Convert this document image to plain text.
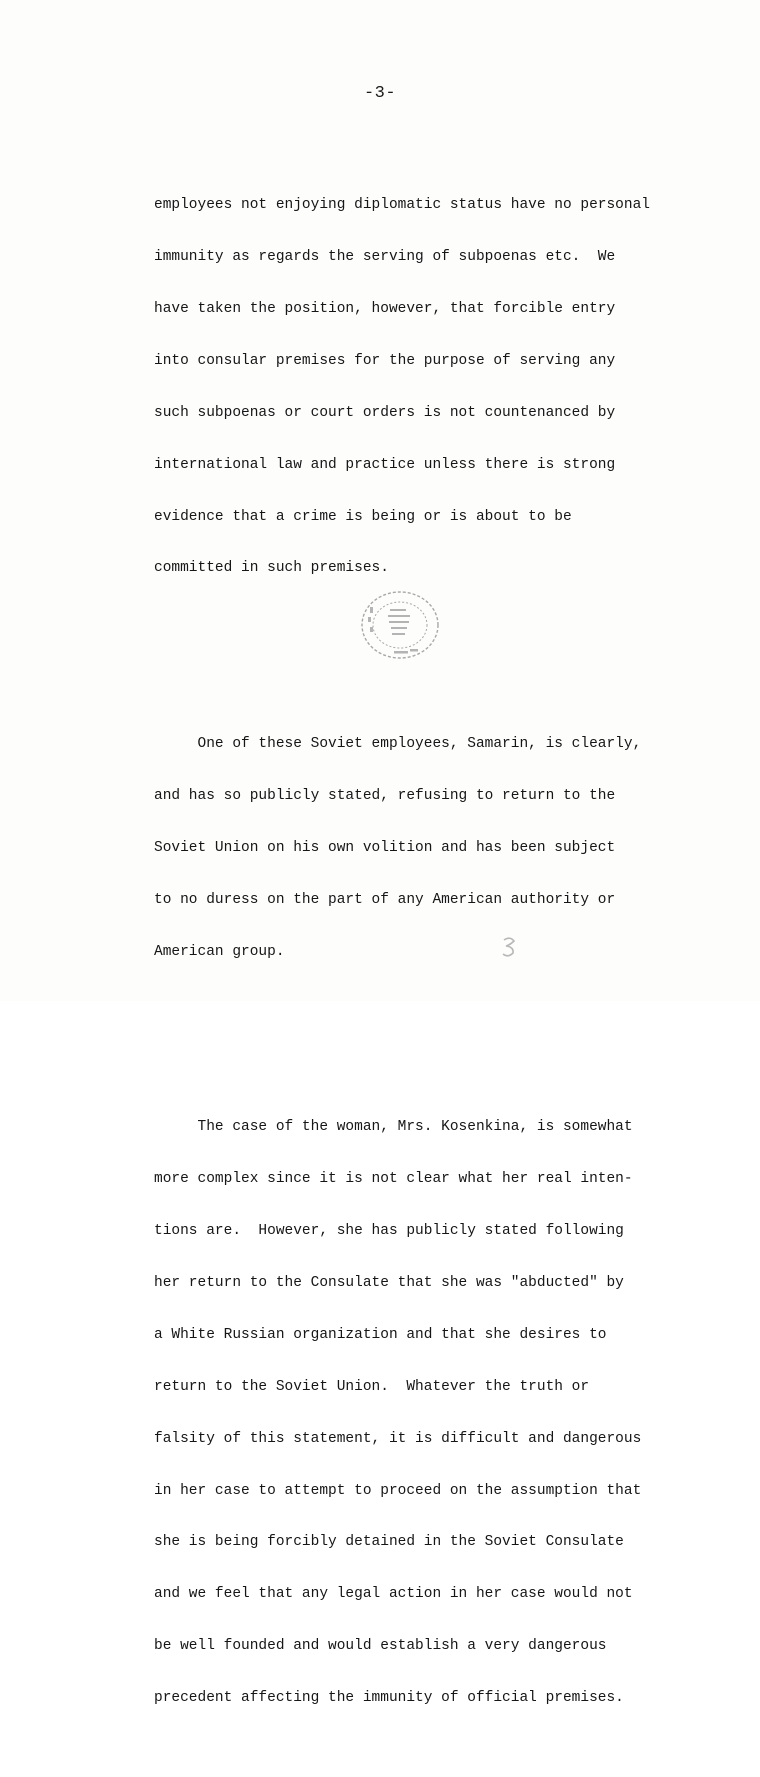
-3-

employees not enjoying diplomatic status have no personal

immunity as regards the serving of subpoenas etc.  We

have taken the position, however, that forcible entry

into consular premises for the purpose of serving any

such subpoenas or court orders is not countenanced by

international law and practice unless there is strong

evidence that a crime is being or is about to be

committed in such premises.

One of these Soviet employees, Samarin, is clearly,

and has so publicly stated, refusing to return to the

Soviet Union on his own volition and has been subject

to no duress on the part of any American authority or

American group.

The case of the woman, Mrs. Kosenkina, is somewhat

more complex since it is not clear what her real inten-

tions are.  However, she has publicly stated following

her return to the Consulate that she was "abducted" by

a White Russian organization and that she desires to

return to the Soviet Union.  Whatever the truth or

falsity of this statement, it is difficult and dangerous

in her case to attempt to proceed on the assumption that

she is being forcibly detained in the Soviet Consulate

and we feel that any legal action in her case would not

be well founded and would establish a very dangerous

precedent affecting the immunity of official premises.
